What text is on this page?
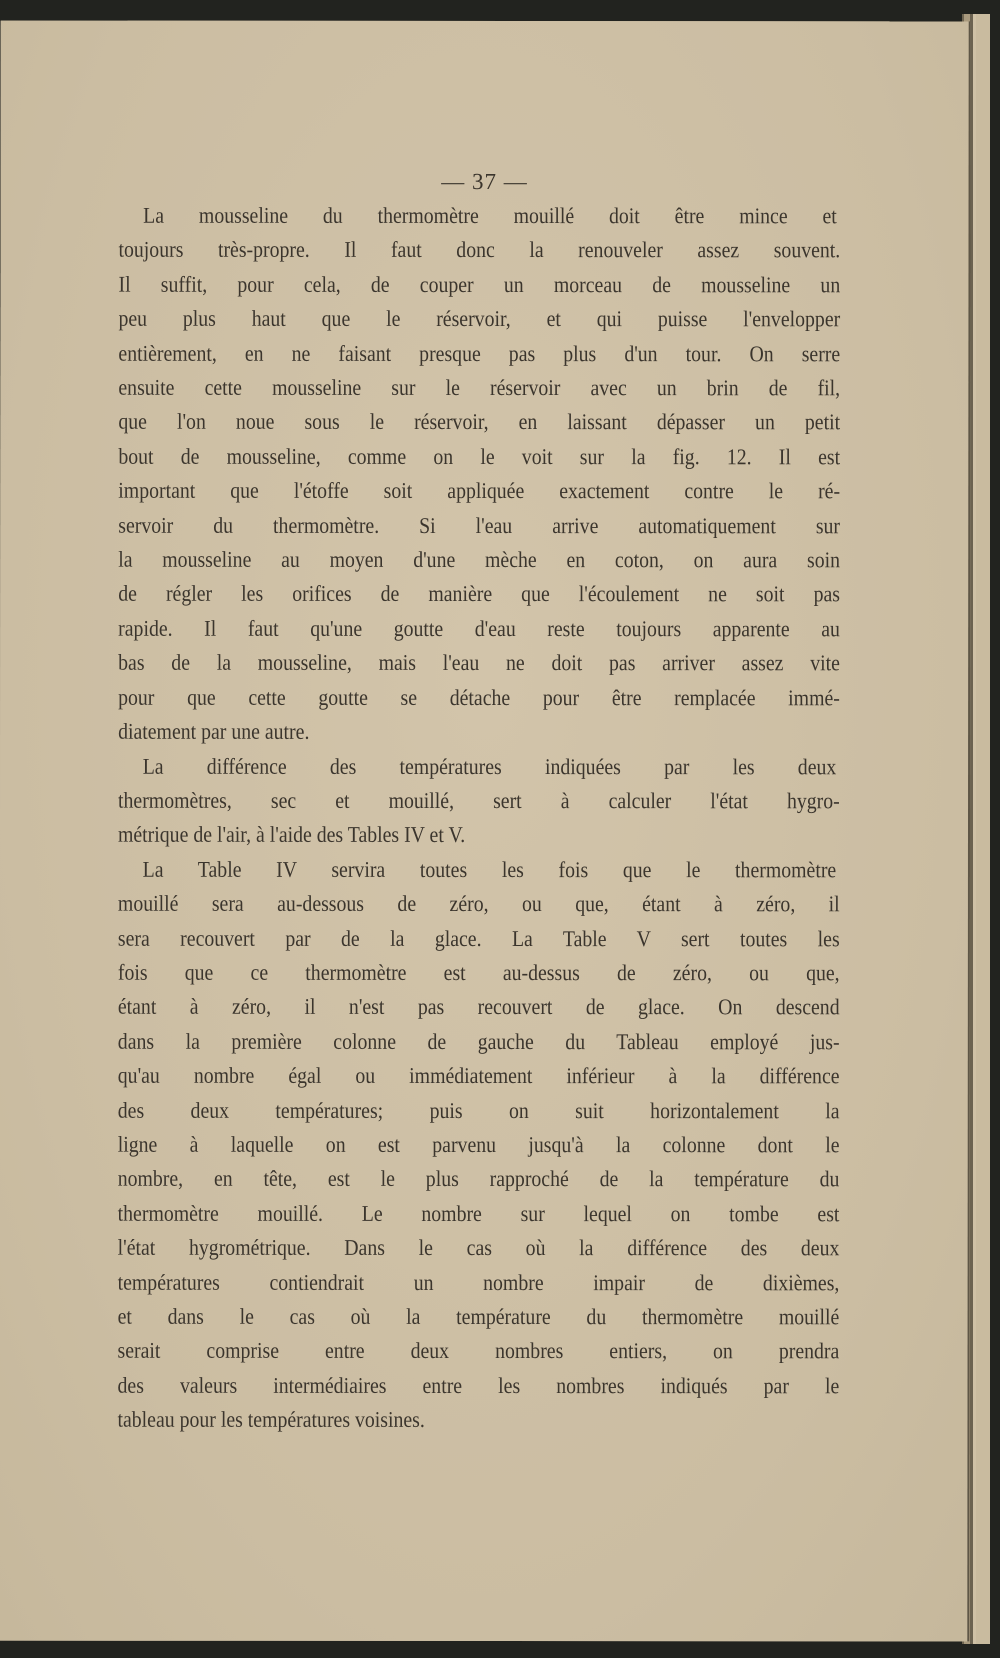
— 37 —
La mousseline du thermomètre mouillé doit être mince et
toujours très-propre. Il faut donc la renouveler assez souvent.
Il suffit, pour cela, de couper un morceau de mousseline un
peu plus haut que le réservoir, et qui puisse l'envelopper
entièrement, en ne faisant presque pas plus d'un tour. On serre
ensuite cette mousseline sur le réservoir avec un brin de fil,
que l'on noue sous le réservoir, en laissant dépasser un petit
bout de mousseline, comme on le voit sur la fig. 12. Il est
important que l'étoffe soit appliquée exactement contre le ré-
servoir du thermomètre. Si l'eau arrive automatiquement sur
la mousseline au moyen d'une mèche en coton, on aura soin
de régler les orifices de manière que l'écoulement ne soit pas
rapide. Il faut qu'une goutte d'eau reste toujours apparente au
bas de la mousseline, mais l'eau ne doit pas arriver assez vite
pour que cette goutte se détache pour être remplacée immé-
diatement par une autre.
La différence des températures indiquées par les deux
thermomètres, sec et mouillé, sert à calculer l'état hygro-
métrique de l'air, à l'aide des Tables IV et V.
La Table IV servira toutes les fois que le thermomètre
mouillé sera au-dessous de zéro, ou que, étant à zéro, il
sera recouvert par de la glace. La Table V sert toutes les
fois que ce thermomètre est au-dessus de zéro, ou que,
étant à zéro, il n'est pas recouvert de glace. On descend
dans la première colonne de gauche du Tableau employé jus-
qu'au nombre égal ou immédiatement inférieur à la différence
des deux températures; puis on suit horizontalement la
ligne à laquelle on est parvenu jusqu'à la colonne dont le
nombre, en tête, est le plus rapproché de la température du
thermomètre mouillé. Le nombre sur lequel on tombe est
l'état hygrométrique. Dans le cas où la différence des deux
températures contiendrait un nombre impair de dixièmes,
et dans le cas où la température du thermomètre mouillé
serait comprise entre deux nombres entiers, on prendra
des valeurs intermédiaires entre les nombres indiqués par le
tableau pour les températures voisines.
